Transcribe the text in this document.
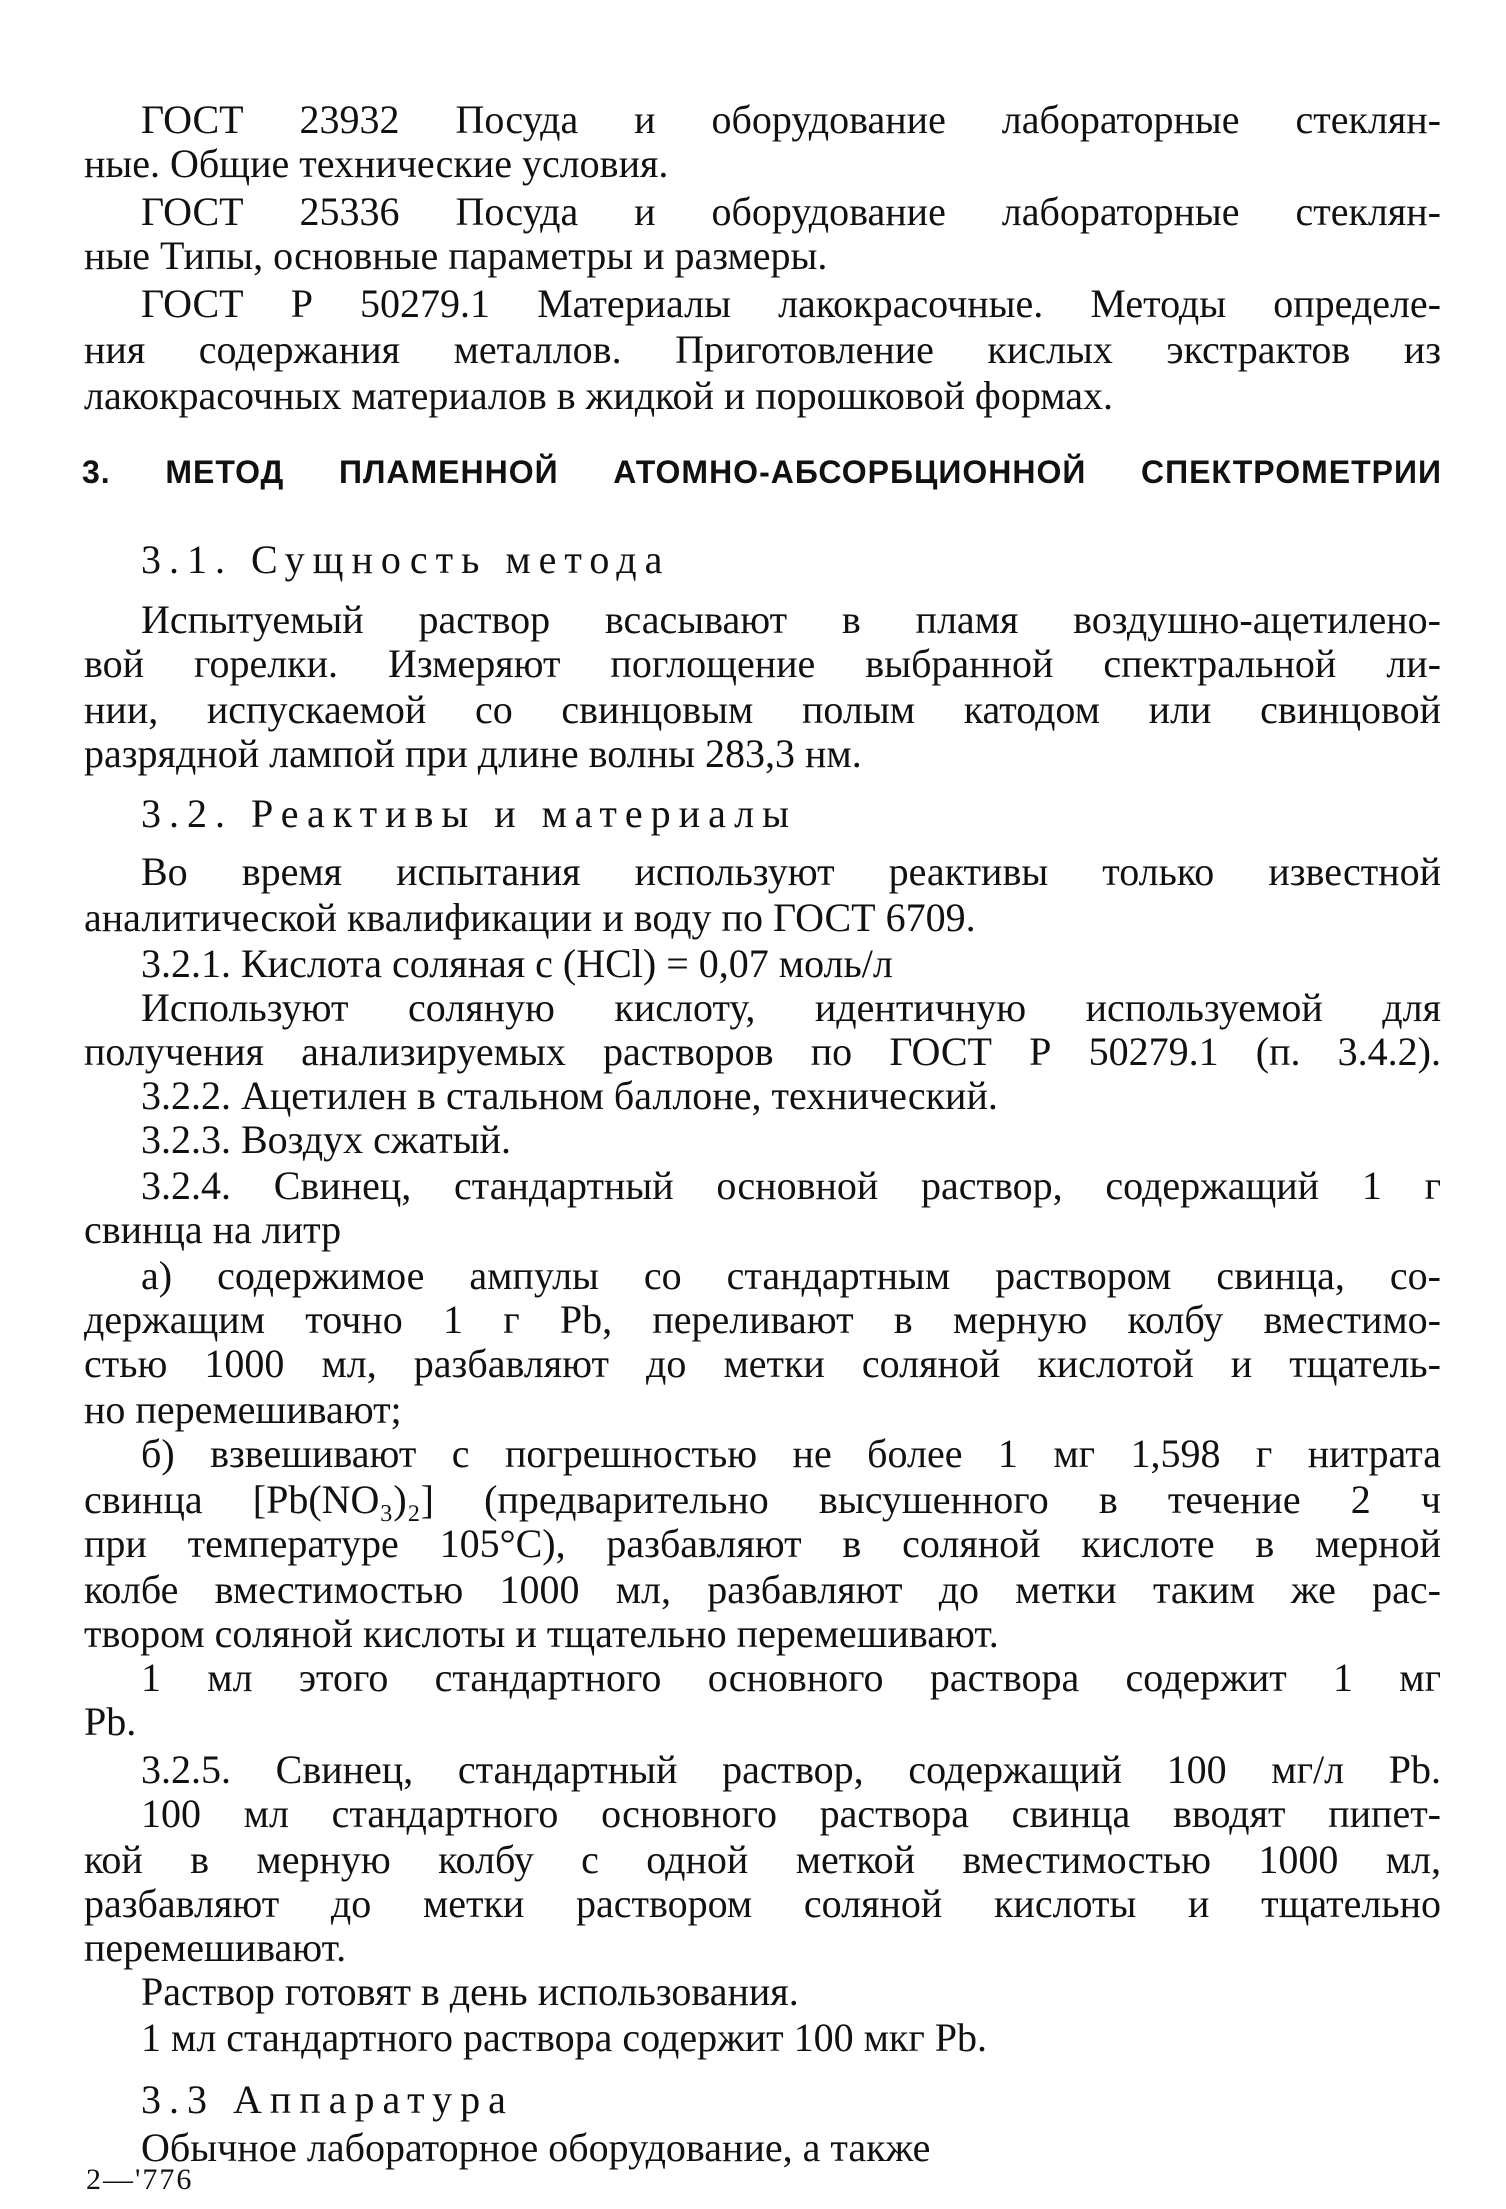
ГОСТ 23932 Посуда и оборудование лабораторные стеклян-
ные. Общие технические условия.
ГОСТ 25336 Посуда и оборудование лабораторные стеклян-
ные Типы, основные параметры и размеры.
ГОСТ Р 50279.1 Материалы лакокрасочные. Методы определе-
ния содержания металлов. Приготовление кислых экстрактов из
лакокрасочных материалов в жидкой и порошковой формах.
3. МЕТОД ПЛАМЕННОЙ АТОМНО-АБСОРБЦИОННОЙ СПЕКТРОМЕТРИИ
3.1. Сущность метода
Испытуемый раствор всасывают в пламя воздушно-ацетилено-
вой горелки. Измеряют поглощение выбранной спектральной ли-
нии, испускаемой со свинцовым полым катодом или свинцовой
разрядной лампой при длине волны 283,3 нм.
3.2. Реактивы и материалы
Во время испытания используют реактивы только известной
аналитической квалификации и воду по ГОСТ 6709.
3.2.1. Кислота соляная c (HCl) = 0,07 моль/л
Используют соляную кислоту, идентичную используемой для
получения анализируемых растворов по ГОСТ Р 50279.1 (п. 3.4.2).
3.2.2. Ацетилен в стальном баллоне, технический.
3.2.3. Воздух сжатый.
3.2.4. Свинец, стандартный основной раствор, содержащий 1 г
свинца на литр
а) содержимое ампулы со стандартным раствором свинца, со-
держащим точно 1 г Pb, переливают в мерную колбу вместимо-
стью 1000 мл, разбавляют до метки соляной кислотой и тщатель-
но перемешивают;
б) взвешивают с погрешностью не более 1 мг 1,598 г нитрата
свинца [Pb(NO₃)₂] (предварительно высушенного в течение 2 ч
при температуре 105°С), разбавляют в соляной кислоте в мерной
колбе вместимостью 1000 мл, разбавляют до метки таким же рас-
твором соляной кислоты и тщательно перемешивают.
1 мл этого стандартного основного раствора содержит 1 мг
Pb.
3.2.5. Свинец, стандартный раствор, содержащий 100 мг/л Pb.
100 мл стандартного основного раствора свинца вводят пипет-
кой в мерную колбу с одной меткой вместимостью 1000 мл,
разбавляют до метки раствором соляной кислоты и тщательно
перемешивают.
Раствор готовят в день использования.
1 мл стандартного раствора содержит 100 мкг Pb.
3.3 Аппаратура
Обычное лабораторное оборудование, а также
2—'776
